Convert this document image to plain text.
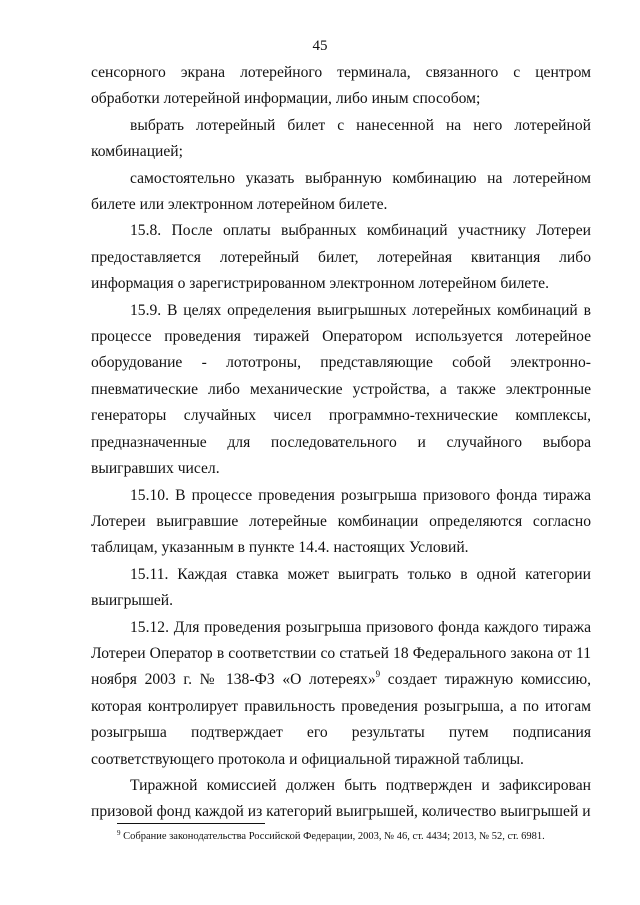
45

сенсорного экрана лотерейного терминала, связанного с центром обработки лотерейной информации, либо иным способом;

выбрать лотерейный билет с нанесенной на него лотерейной комбинацией;

самостоятельно указать выбранную комбинацию на лотерейном билете или электронном лотерейном билете.

15.8. После оплаты выбранных комбинаций участнику Лотереи предоставляется лотерейный билет, лотерейная квитанция либо информация о зарегистрированном электронном лотерейном билете.

15.9. В целях определения выигрышных лотерейных комбинаций в процессе проведения тиражей Оператором используется лотерейное оборудование - лототроны, представляющие собой электронно-пневматические либо механические устройства, а также электронные генераторы случайных чисел программно-технические комплексы, предназначенные для последовательного и случайного выбора выигравших чисел.

15.10. В процессе проведения розыгрыша призового фонда тиража Лотереи выигравшие лотерейные комбинации определяются согласно таблицам, указанным в пункте 14.4. настоящих Условий.

15.11. Каждая ставка может выиграть только в одной категории выигрышей.

15.12. Для проведения розыгрыша призового фонда каждого тиража Лотереи Оператор в соответствии со статьей 18 Федерального закона от 11 ноября 2003 г. № 138-ФЗ «О лотереях»$^9$ создает тиражную комиссию, которая контролирует правильность проведения розыгрыша, а по итогам розыгрыша подтверждает его результаты путем подписания соответствующего протокола и официальной тиражной таблицы.

Тиражной комиссией должен быть подтвержден и зафиксирован призовой фонд каждой из категорий выигрышей, количество выигрышей и

$^9$ Собрание законодательства Российской Федерации, 2003, № 46, ст. 4434; 2013, № 52, ст. 6981.
